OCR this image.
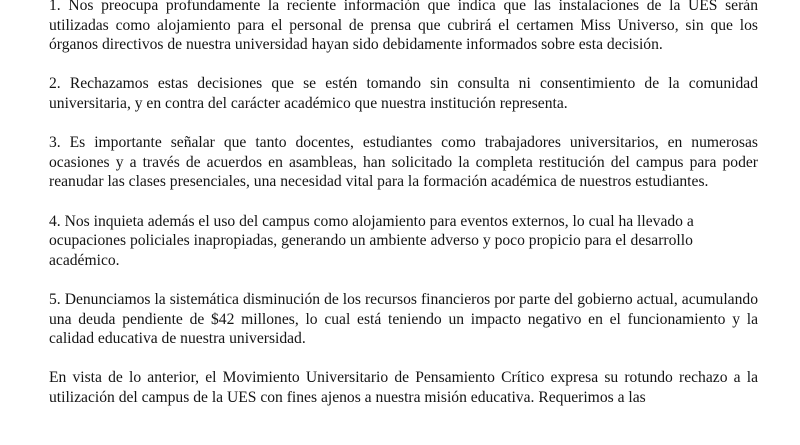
1. Nos preocupa profundamente la reciente información que indica que las instalaciones de la UES serán utilizadas como alojamiento para el personal de prensa que cubrirá el certamen Miss Universo, sin que los órganos directivos de nuestra universidad hayan sido debidamente informados sobre esta decisión.

2. Rechazamos estas decisiones que se estén tomando sin consulta ni consentimiento de la comunidad universitaria, y en contra del carácter académico que nuestra institución representa.

3. Es importante señalar que tanto docentes, estudiantes como trabajadores universitarios, en numerosas ocasiones y a través de acuerdos en asambleas, han solicitado la completa restitución del campus para poder reanudar las clases presenciales, una necesidad vital para la formación académica de nuestros estudiantes.

4. Nos inquieta además el uso del campus como alojamiento para eventos externos, lo cual ha llevado a ocupaciones policiales inapropiadas, generando un ambiente adverso y poco propicio para el desarrollo académico.

5. Denunciamos la sistemática disminución de los recursos financieros por parte del gobierno actual, acumulando una deuda pendiente de $42 millones, lo cual está teniendo un impacto negativo en el funcionamiento y la calidad educativa de nuestra universidad.

En vista de lo anterior, el Movimiento Universitario de Pensamiento Crítico expresa su rotundo rechazo a la utilización del campus de la UES con fines ajenos a nuestra misión educativa. Requerimos a las
